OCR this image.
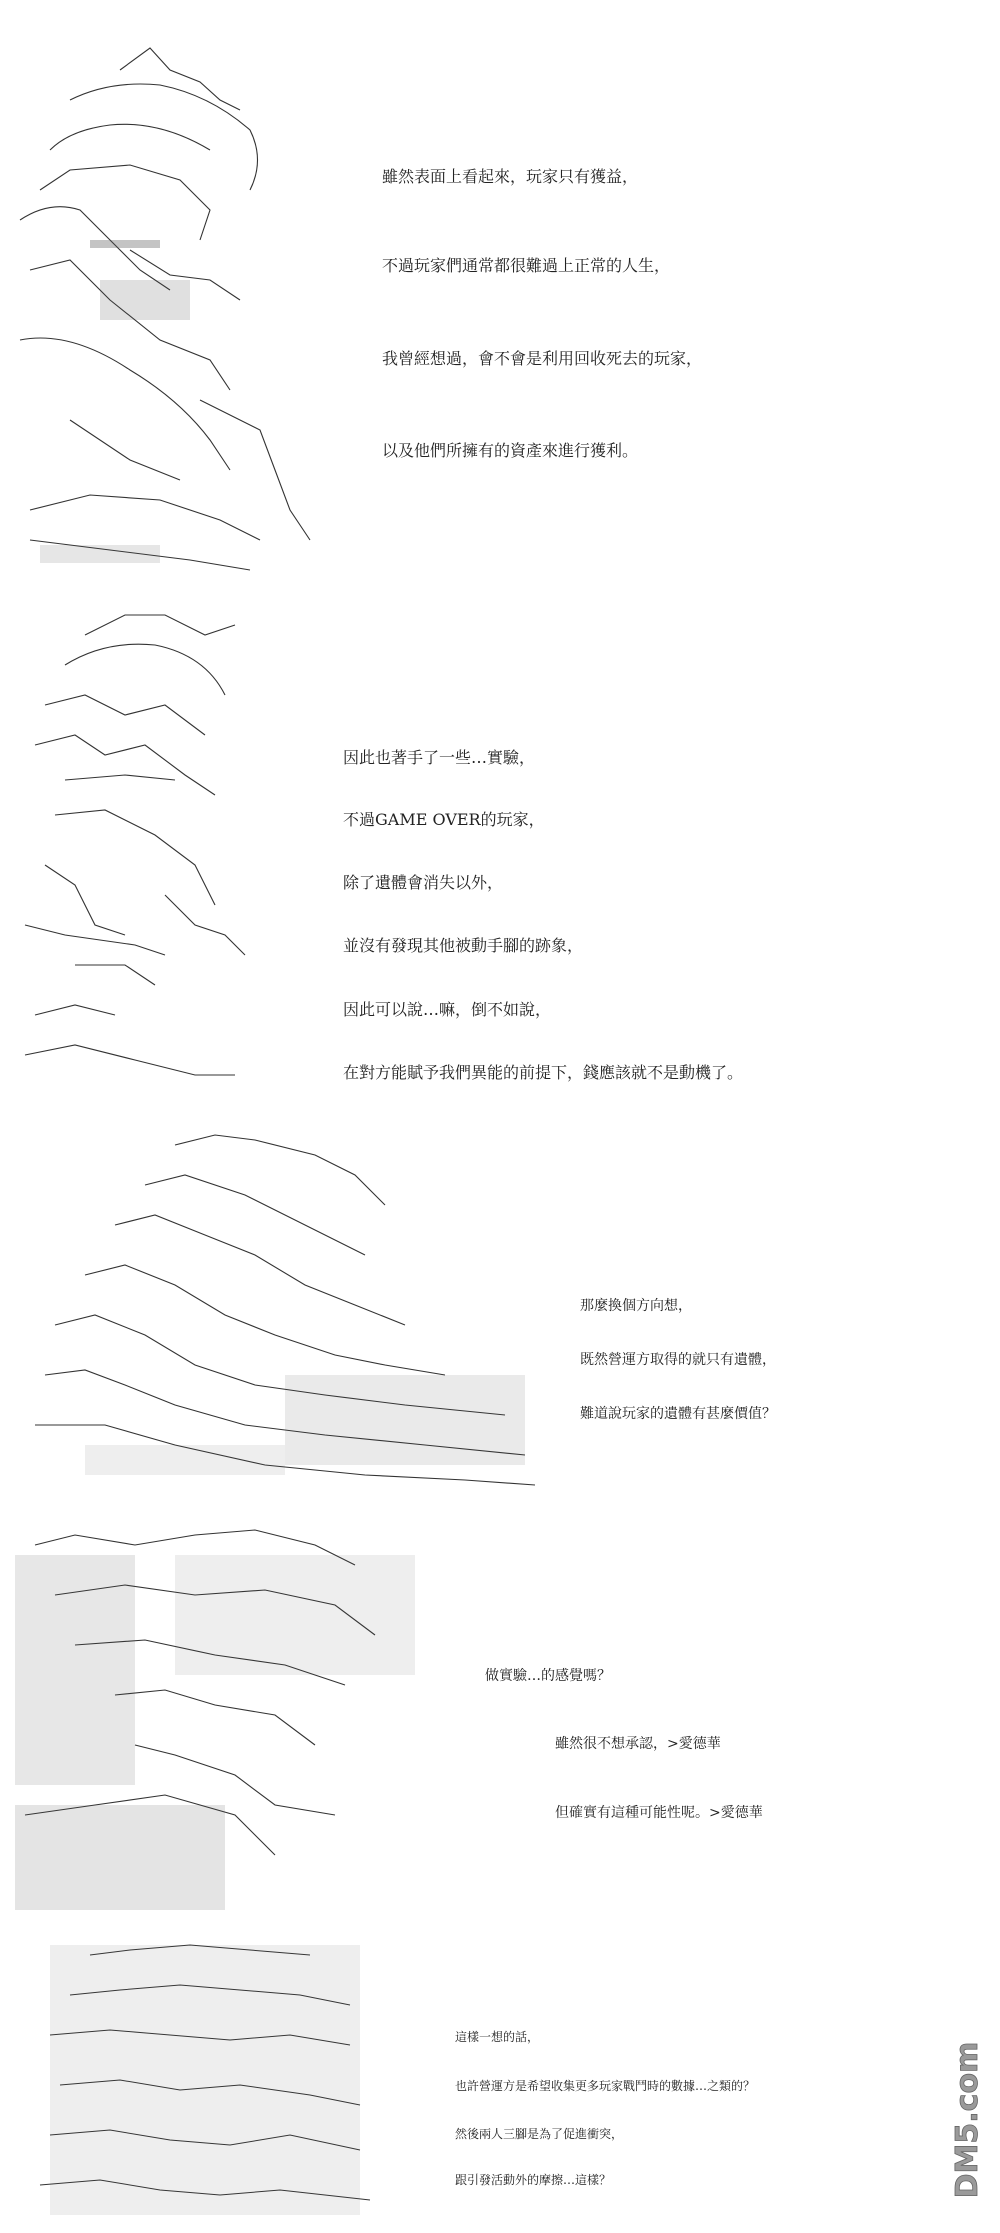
雖然表面上看起來，玩家只有獲益，
不過玩家們通常都很難過上正常的人生，
我曾經想過，會不會是利用回收死去的玩家，
以及他們所擁有的資產來進行獲利。
因此也著手了一些…實驗，
不過GAME OVER的玩家，
除了遺體會消失以外，
並沒有發現其他被動手腳的跡象，
因此可以說…嘛，倒不如說，
在對方能賦予我們異能的前提下，錢應該就不是動機了。
那麼換個方向想，
既然營運方取得的就只有遺體，
難道說玩家的遺體有甚麼價值？
做實驗…的感覺嗎？
雖然很不想承認，>愛德華
但確實有這種可能性呢。>愛德華
這樣一想的話，
也許營運方是希望收集更多玩家戰鬥時的數據…之類的？
然後兩人三腳是為了促進衝突，
跟引發活動外的摩擦…這樣？	DM5.com
